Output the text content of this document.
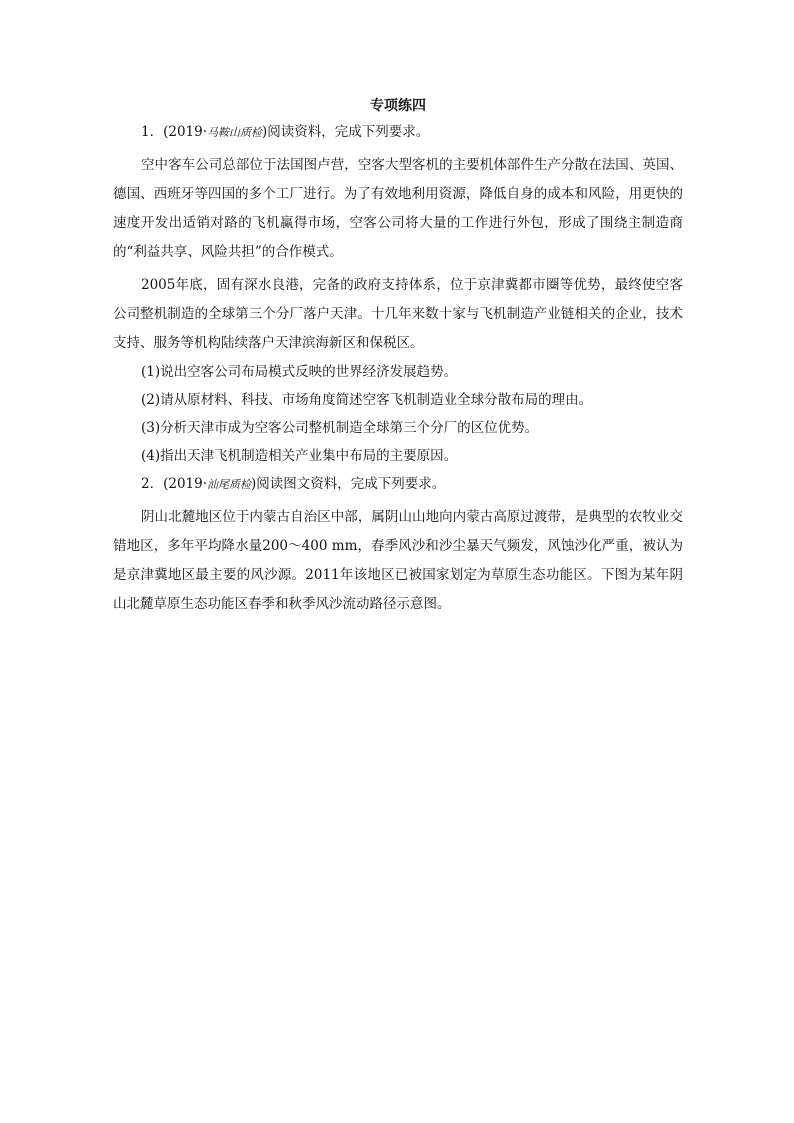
专项练四
1．(2019·马鞍山质检)阅读资料，完成下列要求。

空中客车公司总部位于法国图卢营，空客大型客机的主要机体部件生产分散在法国、英国、德国、西班牙等四国的多个工厂进行。为了有效地利用资源，降低自身的成本和风险，用更快的速度开发出适销对路的飞机赢得市场，空客公司将大量的工作进行外包，形成了围绕主制造商的“利益共享、风险共担”的合作模式。

2005年底，固有深水良港，完备的政府支持体系，位于京津冀都市圈等优势，最终使空客公司整机制造的全球第三个分厂落户天津。十几年来数十家与飞机制造产业链相关的企业，技术支持、服务等机构陆续落户天津滨海新区和保税区。

(1)说出空客公司布局模式反映的世界经济发展趋势。
(2)请从原材料、科技、市场角度简述空客飞机制造业全球分散布局的理由。
(3)分析天津市成为空客公司整机制造全球第三个分厂的区位优势。
(4)指出天津飞机制造相关产业集中布局的主要原因。
2．(2019·汕尾质检)阅读图文资料，完成下列要求。

阴山北麓地区位于内蒙古自治区中部，属阴山山地向内蒙古高原过渡带，是典型的农牧业交错地区，多年平均降水量200～400 mm，春季风沙和沙尘暴天气频发，风蚀沙化严重，被认为是京津冀地区最主要的风沙源。2011年该地区已被国家划定为草原生态功能区。下图为某年阴山北麓草原生态功能区春季和秋季风沙流动路径示意图。
